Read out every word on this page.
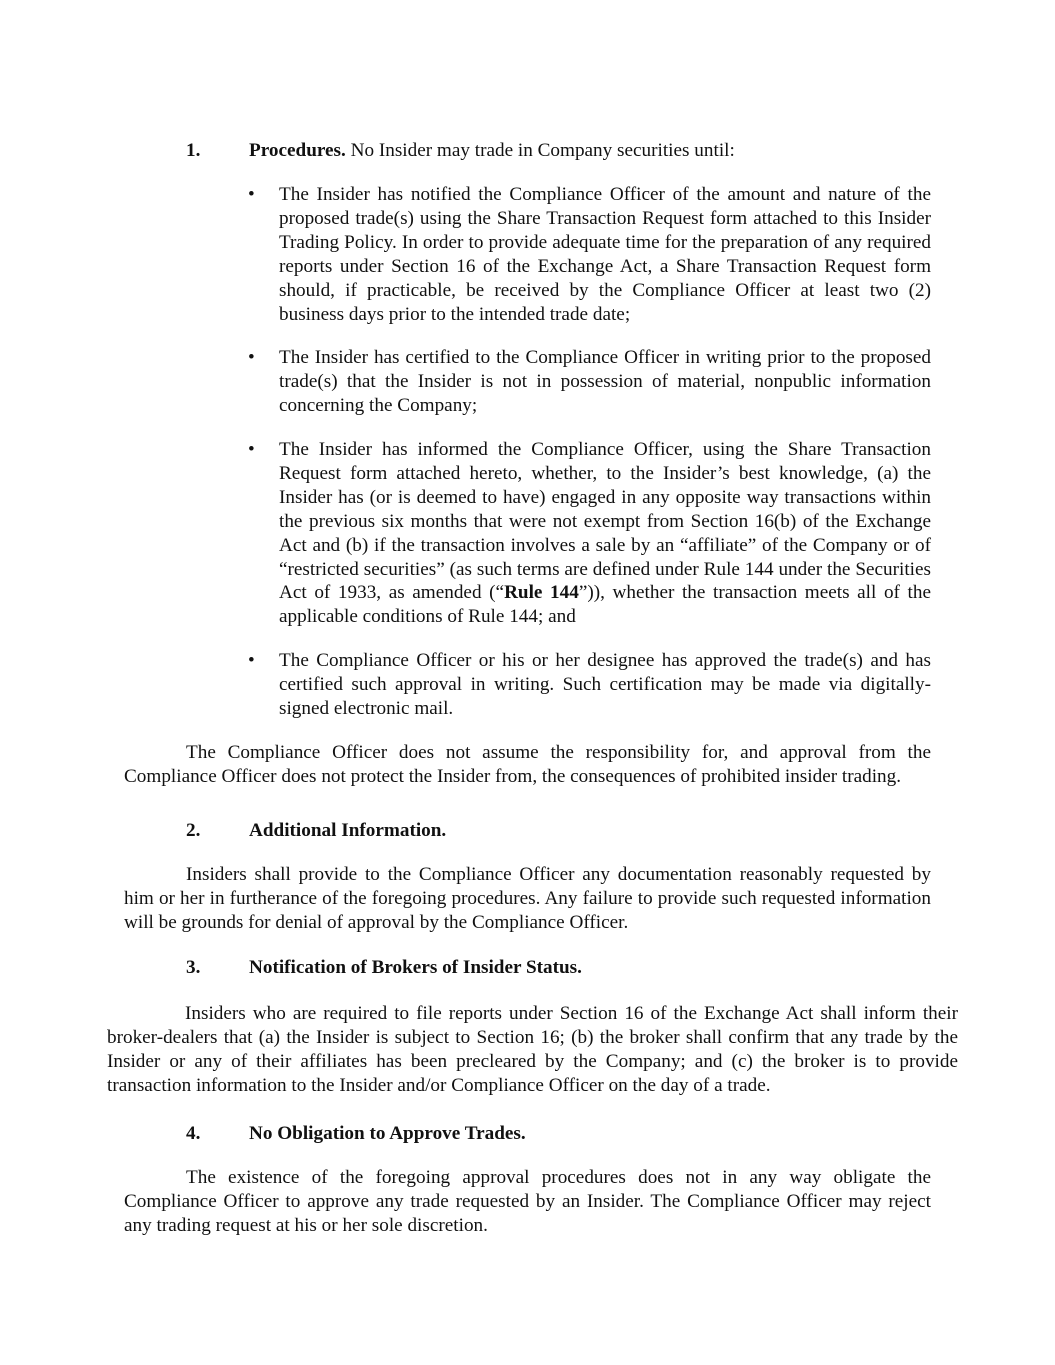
1.	Procedures. No Insider may trade in Company securities until:

• The Insider has notified the Compliance Officer of the amount and nature of the proposed trade(s) using the Share Transaction Request form attached to this Insider Trading Policy. In order to provide adequate time for the preparation of any required reports under Section 16 of the Exchange Act, a Share Transaction Request form should, if practicable, be received by the Compliance Officer at least two (2) business days prior to the intended trade date;

• The Insider has certified to the Compliance Officer in writing prior to the proposed trade(s) that the Insider is not in possession of material, nonpublic information concerning the Company;

• The Insider has informed the Compliance Officer, using the Share Transaction Request form attached hereto, whether, to the Insider’s best knowledge, (a) the Insider has (or is deemed to have) engaged in any opposite way transactions within the previous six months that were not exempt from Section 16(b) of the Exchange Act and (b) if the transaction involves a sale by an “affiliate” of the Company or of “restricted securities” (as such terms are defined under Rule 144 under the Securities Act of 1933, as amended (“Rule 144”)), whether the transaction meets all of the applicable conditions of Rule 144; and

• The Compliance Officer or his or her designee has approved the trade(s) and has certified such approval in writing. Such certification may be made via digitally-signed electronic mail.

The Compliance Officer does not assume the responsibility for, and approval from the Compliance Officer does not protect the Insider from, the consequences of prohibited insider trading.

2.	Additional Information.

Insiders shall provide to the Compliance Officer any documentation reasonably requested by him or her in furtherance of the foregoing procedures. Any failure to provide such requested information will be grounds for denial of approval by the Compliance Officer.

3.	Notification of Brokers of Insider Status.

Insiders who are required to file reports under Section 16 of the Exchange Act shall inform their broker-dealers that (a) the Insider is subject to Section 16; (b) the broker shall confirm that any trade by the Insider or any of their affiliates has been precleared by the Company; and (c) the broker is to provide transaction information to the Insider and/or Compliance Officer on the day of a trade.

4.	No Obligation to Approve Trades.

The existence of the foregoing approval procedures does not in any way obligate the Compliance Officer to approve any trade requested by an Insider. The Compliance Officer may reject any trading request at his or her sole discretion.
